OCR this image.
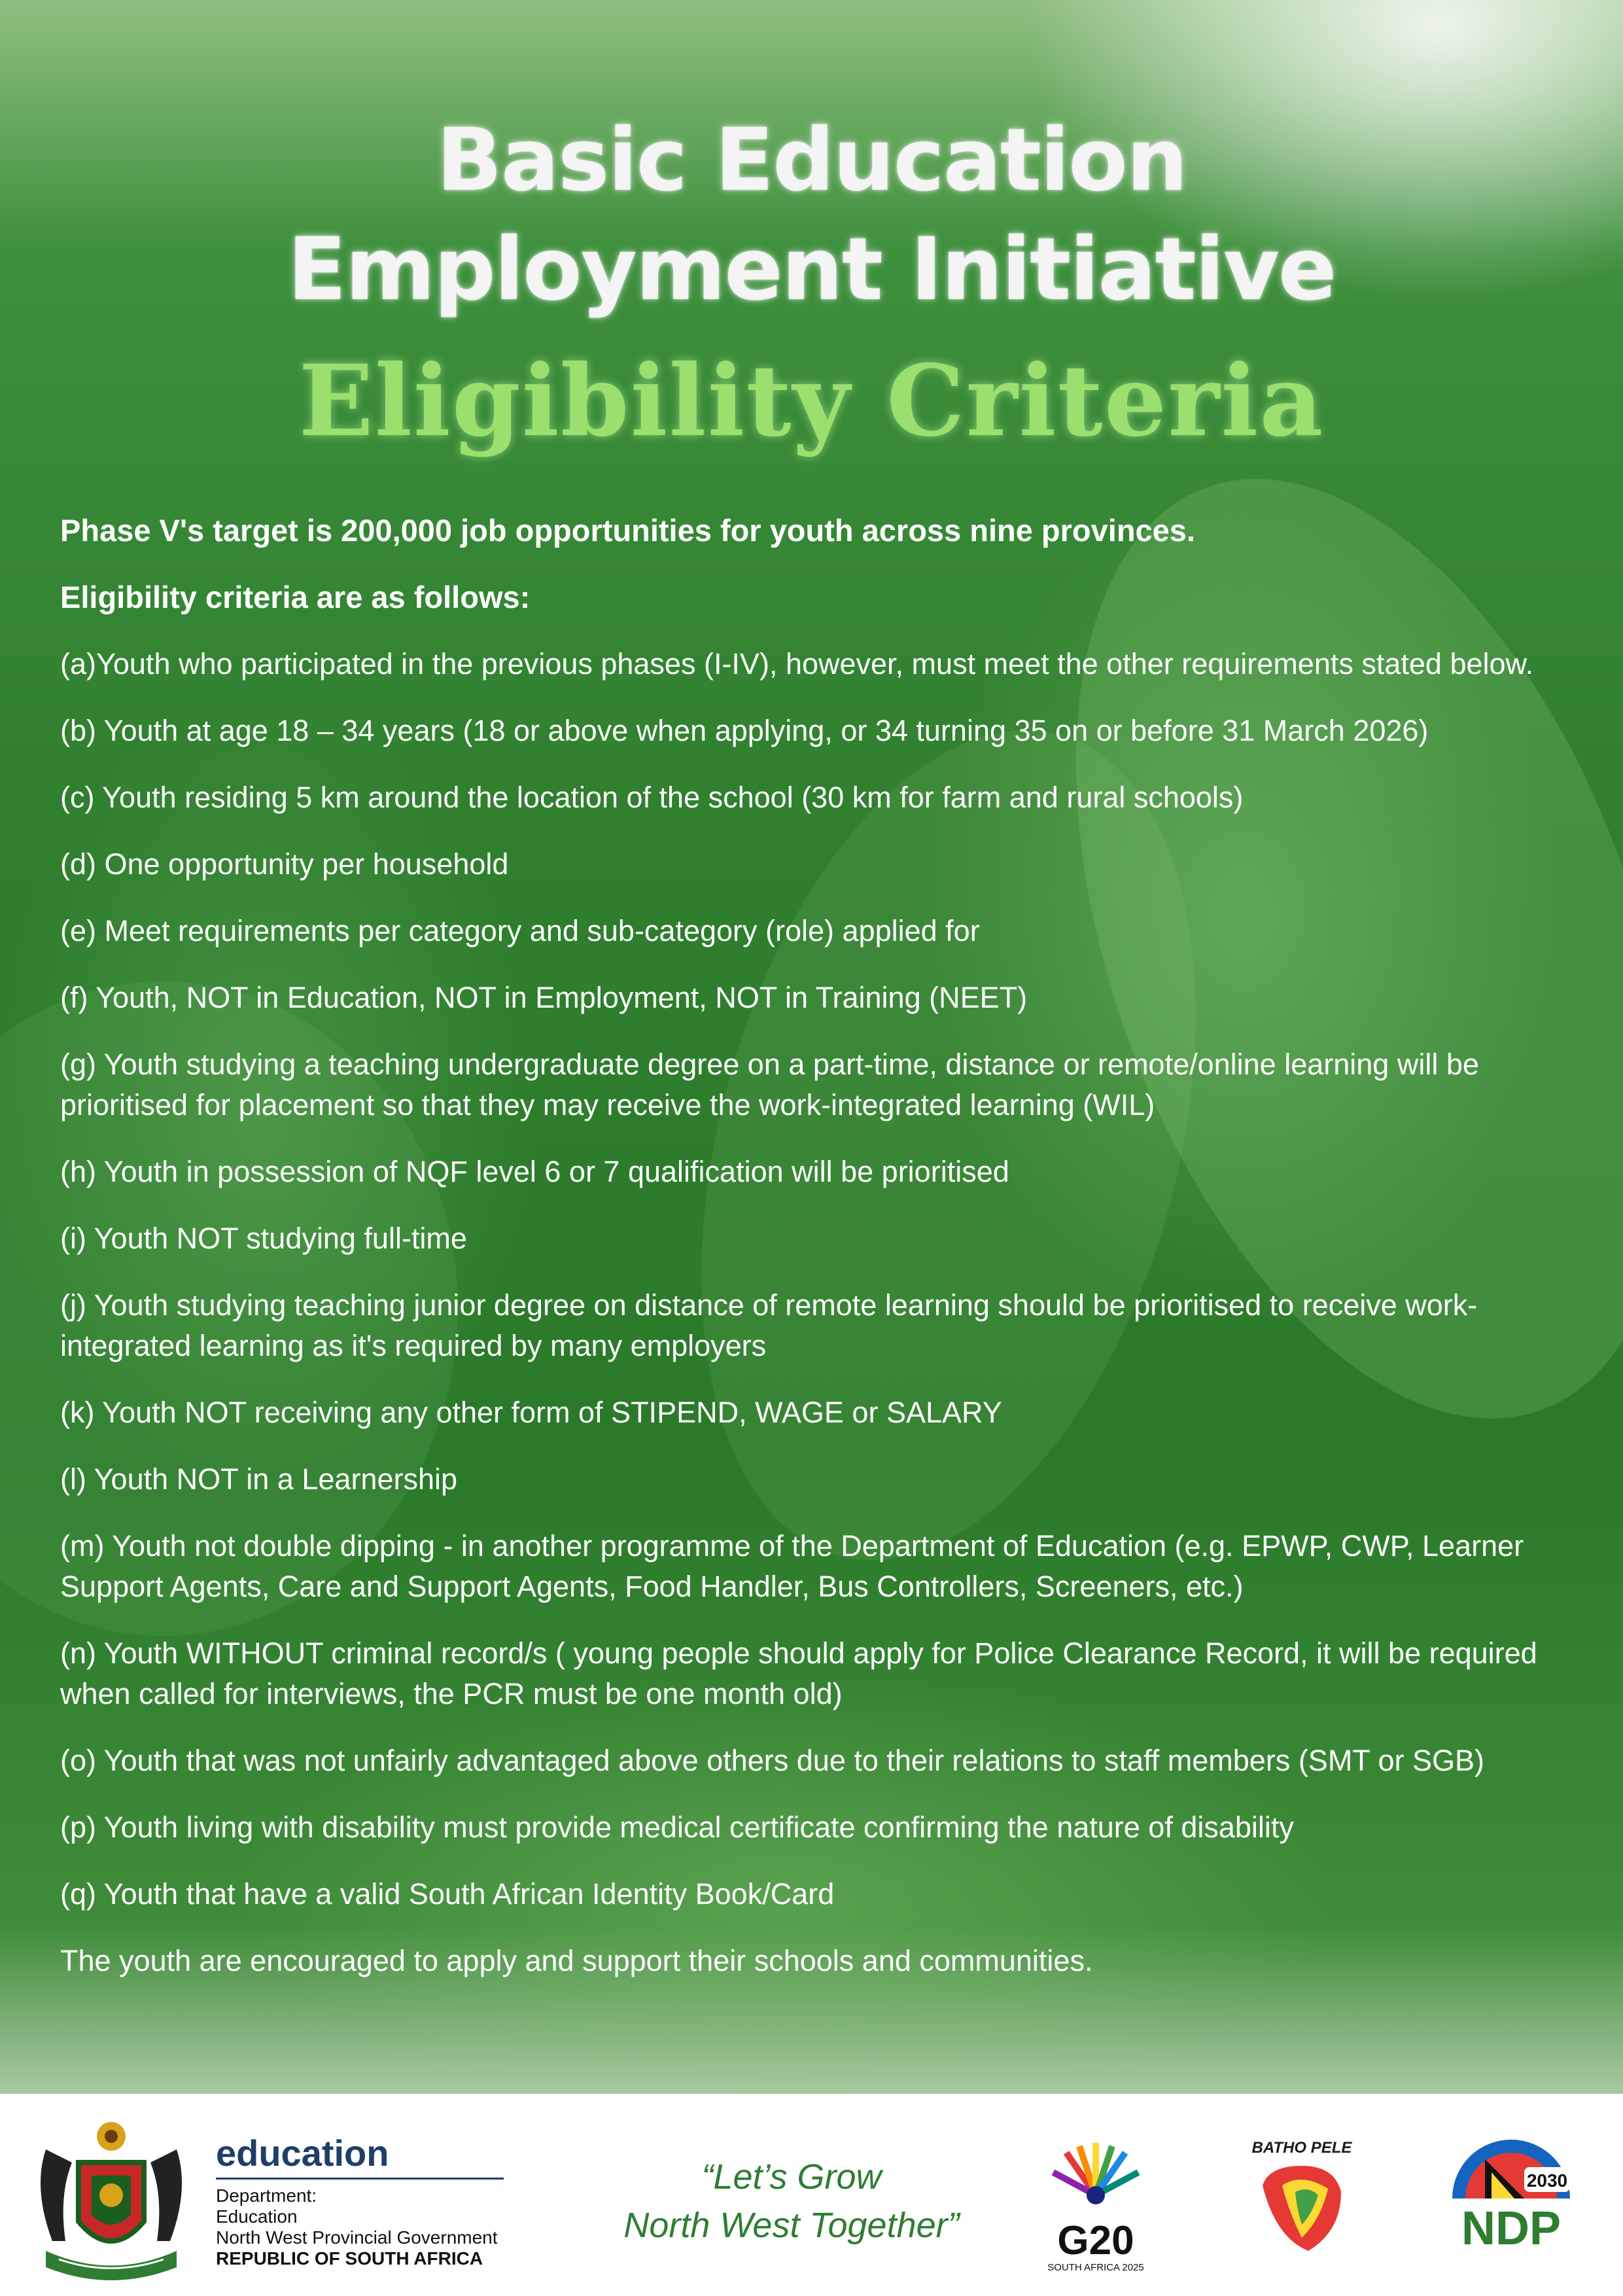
Basic Education
Employment Initiative
Eligibility Criteria

Phase V's target is 200,000 job opportunities for youth across nine provinces.

Eligibility criteria are as follows:

(a)Youth who participated in the previous phases (I-IV), however, must meet the other requirements stated below.

(b) Youth at age 18 – 34 years (18 or above when applying, or 34 turning 35 on or before 31 March 2026)

(c) Youth residing 5 km around the location of the school (30 km for farm and rural schools)

(d) One opportunity per household

(e) Meet requirements per category and sub-category (role) applied for

(f) Youth, NOT in Education, NOT in Employment, NOT in Training (NEET)

(g) Youth studying a teaching undergraduate degree on a part-time, distance or remote/online learning will be prioritised for placement so that they may receive the work-integrated learning (WIL)

(h) Youth in possession of NQF level 6 or 7 qualification will be prioritised

(i) Youth NOT studying full-time

(j) Youth studying teaching junior degree on distance of remote learning should be prioritised to receive work-integrated learning as it's required by many employers

(k) Youth NOT receiving any other form of STIPEND, WAGE or SALARY

(l) Youth NOT in a Learnership

(m) Youth not double dipping - in another programme of the Department of Education (e.g. EPWP, CWP, Learner Support Agents, Care and Support Agents, Food Handler, Bus Controllers, Screeners, etc.)

(n) Youth WITHOUT criminal record/s ( young people should apply for Police Clearance Record, it will be required when called for interviews, the PCR must be one month old)

(o) Youth that was not unfairly advantaged above others due to their relations to staff members (SMT or SGB)

(p) Youth living with disability must provide medical certificate confirming the nature of disability

(q) Youth that have a valid South African Identity Book/Card

The youth are encouraged to apply and support their schools and communities.

education
Department:
Education
North West Provincial Government
REPUBLIC OF SOUTH AFRICA
“Let’s Grow
North West Together”	G20
SOUTH AFRICA 2025
BATHO PELE
2030
NDP
